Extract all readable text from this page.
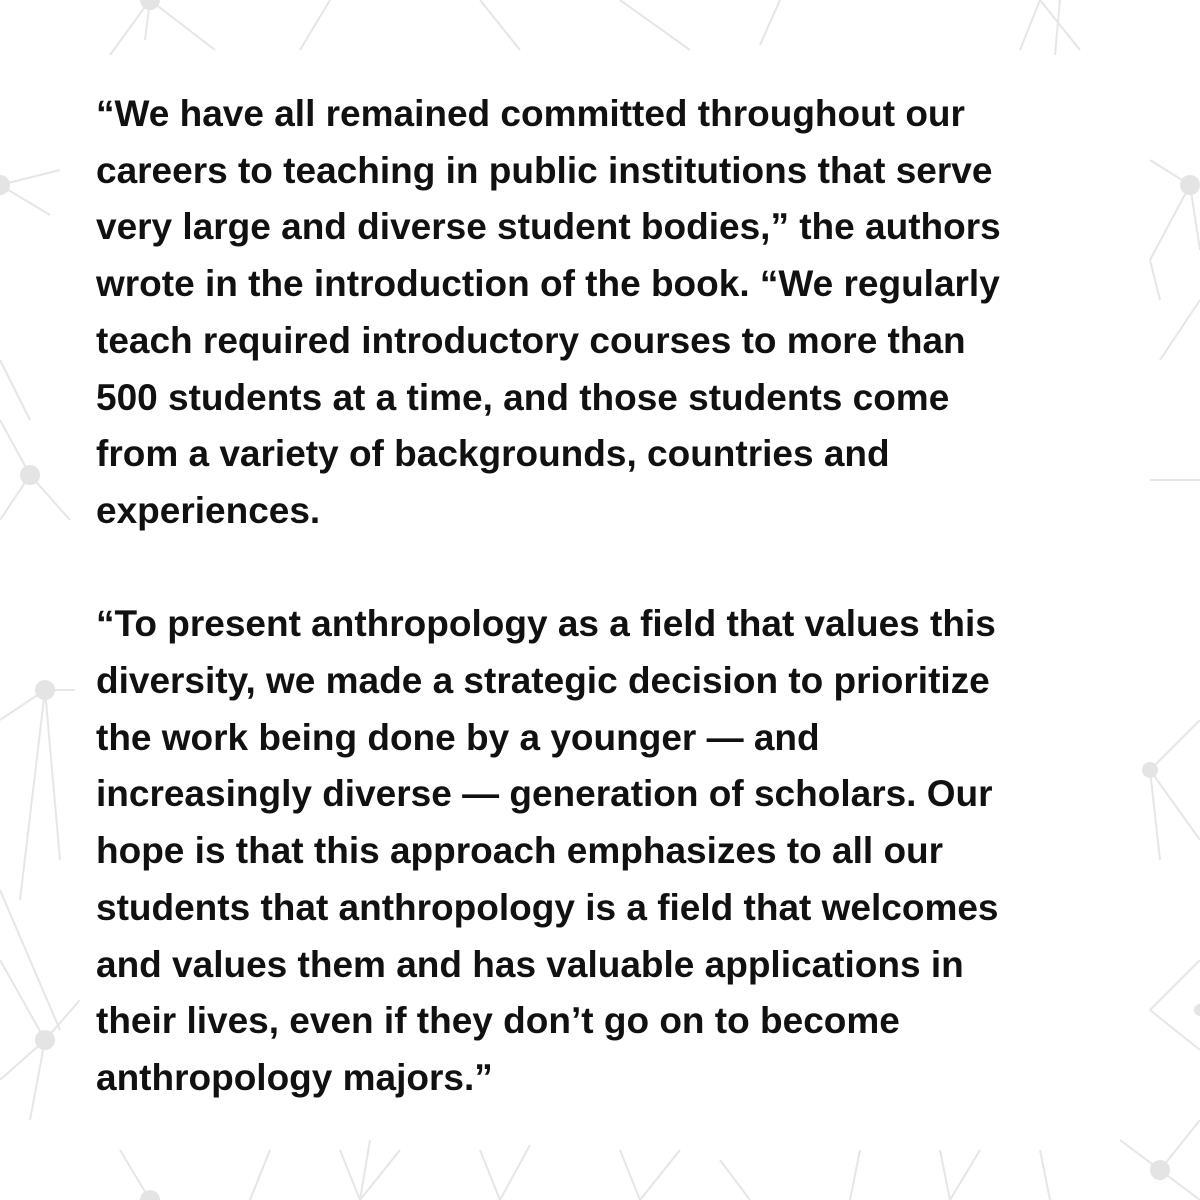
“We have all remained committed throughout our

careers to teaching in public institutions that serve

very large and diverse student bodies,” the authors

wrote in the introduction of the book. “We regularly

teach required introductory courses to more than

500 students at a time, and those students come

from a variety of backgrounds, countries and

experiences.

“To present anthropology as a field that values this

diversity, we made a strategic decision to prioritize

the work being done by a younger — and

increasingly diverse — generation of scholars. Our

hope is that this approach emphasizes to all our

students that anthropology is a field that welcomes

and values them and has valuable applications in

their lives, even if they don’t go on to become

anthropology majors.”
